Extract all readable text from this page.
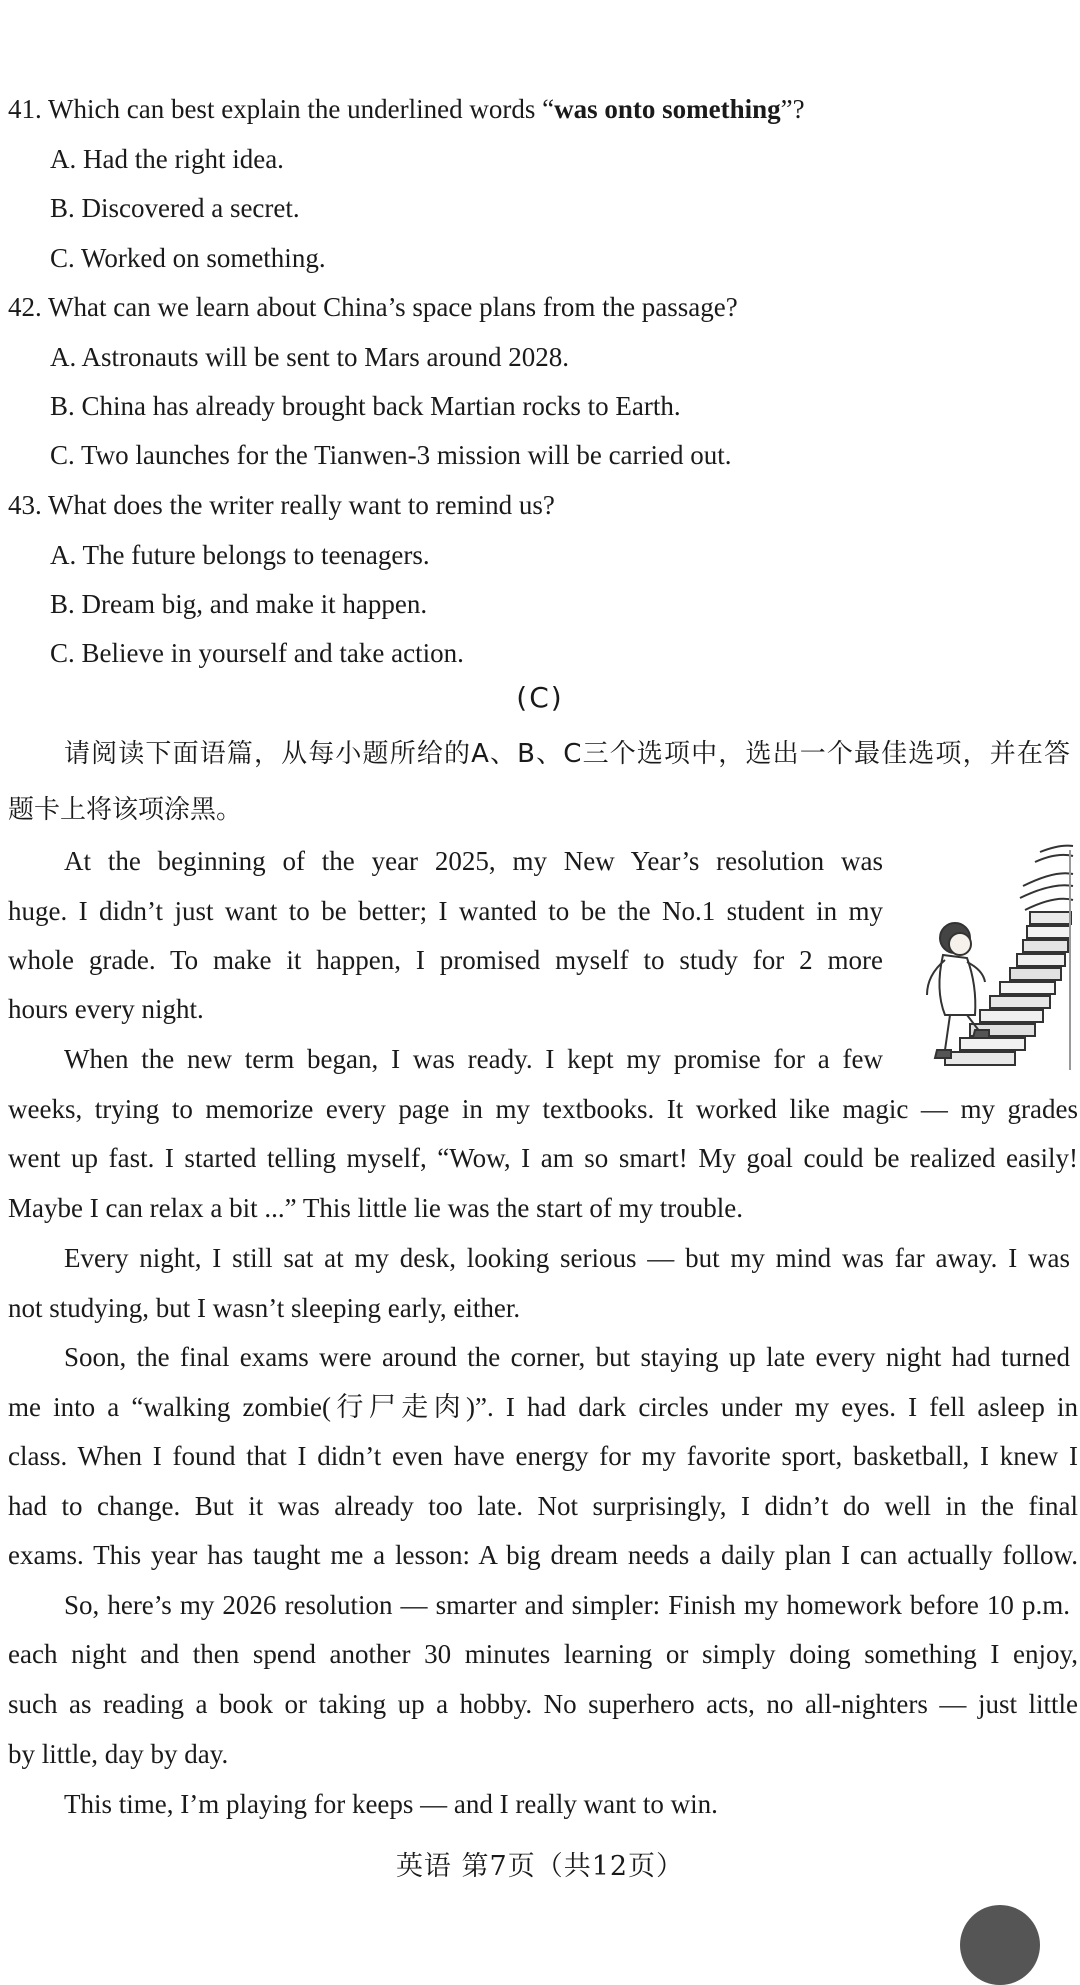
41. Which can best explain the underlined words “was onto something”?
A. Had the right idea.
B. Discovered a secret.
C. Worked on something.
42. What can we learn about China’s space plans from the passage?
A. Astronauts will be sent to Mars around 2028.
B. China has already brought back Martian rocks to Earth.
C. Two launches for the Tianwen-3 mission will be carried out.
43. What does the writer really want to remind us?
A. The future belongs to teenagers.
B. Dream big, and make it happen.
C. Believe in yourself and take action.
(C)
请阅读下面语篇，从每小题所给的A、B、C三个选项中，选出一个最佳选项，并在答
题卡上将该项涂黑。
At the beginning of the year 2025, my New Year’s resolution was
huge. I didn’t just want to be better; I wanted to be the No.1 student in my
whole grade. To make it happen, I promised myself to study for 2 more
hours every night.
When the new term began, I was ready. I kept my promise for a few
weeks, trying to memorize every page in my textbooks. It worked like magic — my grades
went up fast. I started telling myself, “Wow, I am so smart! My goal could be realized easily!
Maybe I can relax a bit ...” This little lie was the start of my trouble.
Every night, I still sat at my desk, looking serious — but my mind was far away. I was
not studying, but I wasn’t sleeping early, either.
Soon, the final exams were around the corner, but staying up late every night had turned
me into a “walking zombie(行尸走肉)”. I had dark circles under my eyes. I fell asleep in
class. When I found that I didn’t even have energy for my favorite sport, basketball, I knew I
had to change. But it was already too late. Not surprisingly, I didn’t do well in the final
exams. This year has taught me a lesson: A big dream needs a daily plan I can actually follow.
So, here’s my 2026 resolution — smarter and simpler: Finish my homework before 10 p.m.
each night and then spend another 30 minutes learning or simply doing something I enjoy,
such as reading a book or taking up a hobby. No superhero acts, no all-nighters — just little
by little, day by day.
This time, I’m playing for keeps — and I really want to win.
英语 第7页（共12页）
